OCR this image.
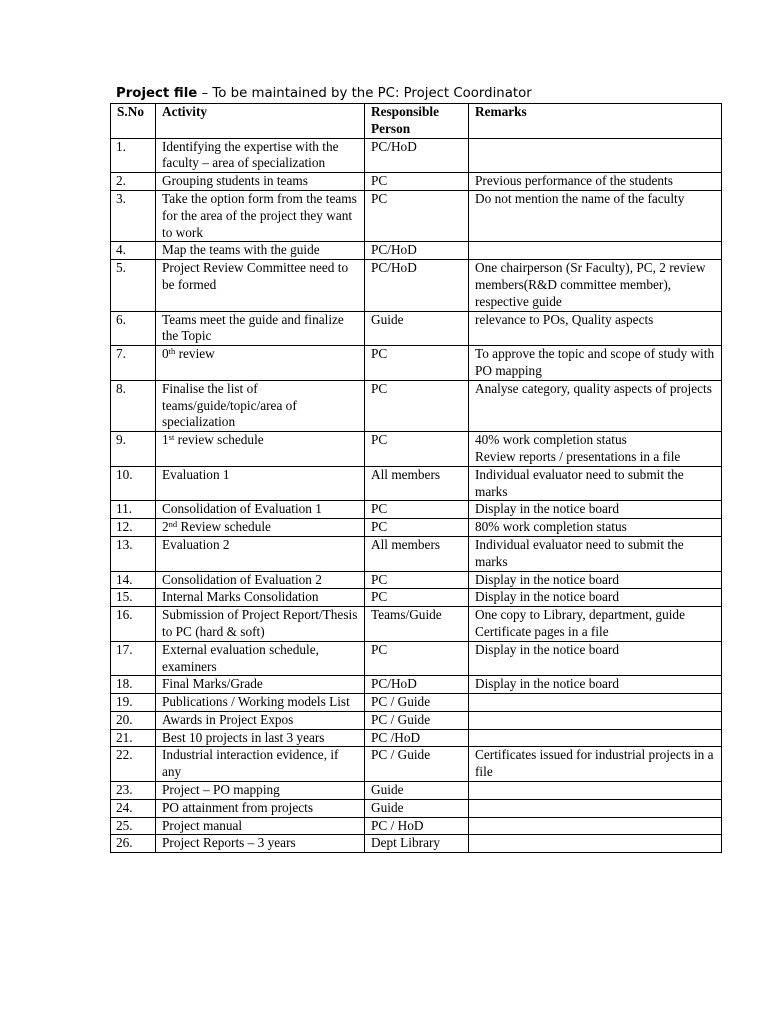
Project file – To be maintained by the PC: Project Coordinator
S.No	Activity	Responsible Person	Remarks
1.	Identifying the expertise with the faculty – area of specialization	PC/HoD	
2.	Grouping students in teams	PC	Previous performance of the students
3.	Take the option form from the teams for the area of the project they want to work	PC	Do not mention the name of the faculty
4.	Map the teams with the guide	PC/HoD	
5.	Project Review Committee need to be formed	PC/HoD	One chairperson (Sr Faculty), PC, 2 review members(R&D committee member), respective guide
6.	Teams meet the guide and finalize the Topic	Guide	relevance to POs, Quality aspects
7.	0th review	PC	To approve the topic and scope of study with PO mapping
8.	Finalise the list of teams/guide/topic/area of specialization	PC	Analyse category, quality aspects of projects
9.	1st review schedule	PC	40% work completion status
Review reports / presentations in a file

10.	Evaluation 1	All members	Individual evaluator need to submit the marks
11.	Consolidation of Evaluation 1	PC	Display in the notice board
12.	2nd Review schedule	PC	80% work completion status
13.	Evaluation 2	All members	Individual evaluator need to submit the marks
14.	Consolidation of Evaluation 2	PC	Display in the notice board
15.	Internal Marks Consolidation	PC	Display in the notice board
16.	Submission of Project Report/Thesis to PC (hard & soft)	Teams/Guide	One copy to Library, department, guide
Certificate pages in a file

17.	External evaluation schedule, examiners	PC	Display in the notice board
18.	Final Marks/Grade	PC/HoD	Display in the notice board
19.	Publications / Working models List	PC / Guide	
20.	Awards in Project Expos	PC / Guide	
21.	Best 10 projects in last 3 years	PC /HoD	
22.	Industrial interaction evidence, if any	PC / Guide	Certificates issued for industrial projects in a file
23.	Project – PO mapping	Guide	
24.	PO attainment from projects	Guide	
25.	Project manual	PC / HoD	
26.	Project Reports – 3 years	Dept Library	
